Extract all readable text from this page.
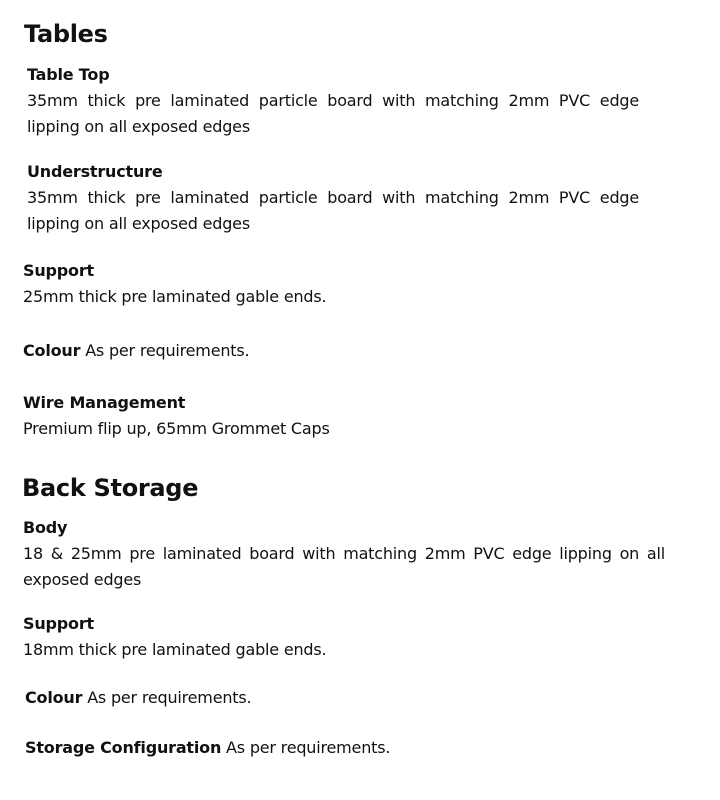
Tables
Table Top
35mm thick pre laminated particle board with matching 2mm PVC edge lipping on all exposed edges
Understructure
35mm thick pre laminated particle board with matching 2mm PVC edge lipping on all exposed edges
Support
25mm thick pre laminated gable ends.
Colour As per requirements.
Wire Management
Premium flip up, 65mm Grommet Caps
Back Storage
Body
18 & 25mm pre laminated board with matching 2mm PVC edge lipping on all exposed edges
Support
18mm thick pre laminated gable ends.
Colour As per requirements.
Storage Configuration As per requirements.
